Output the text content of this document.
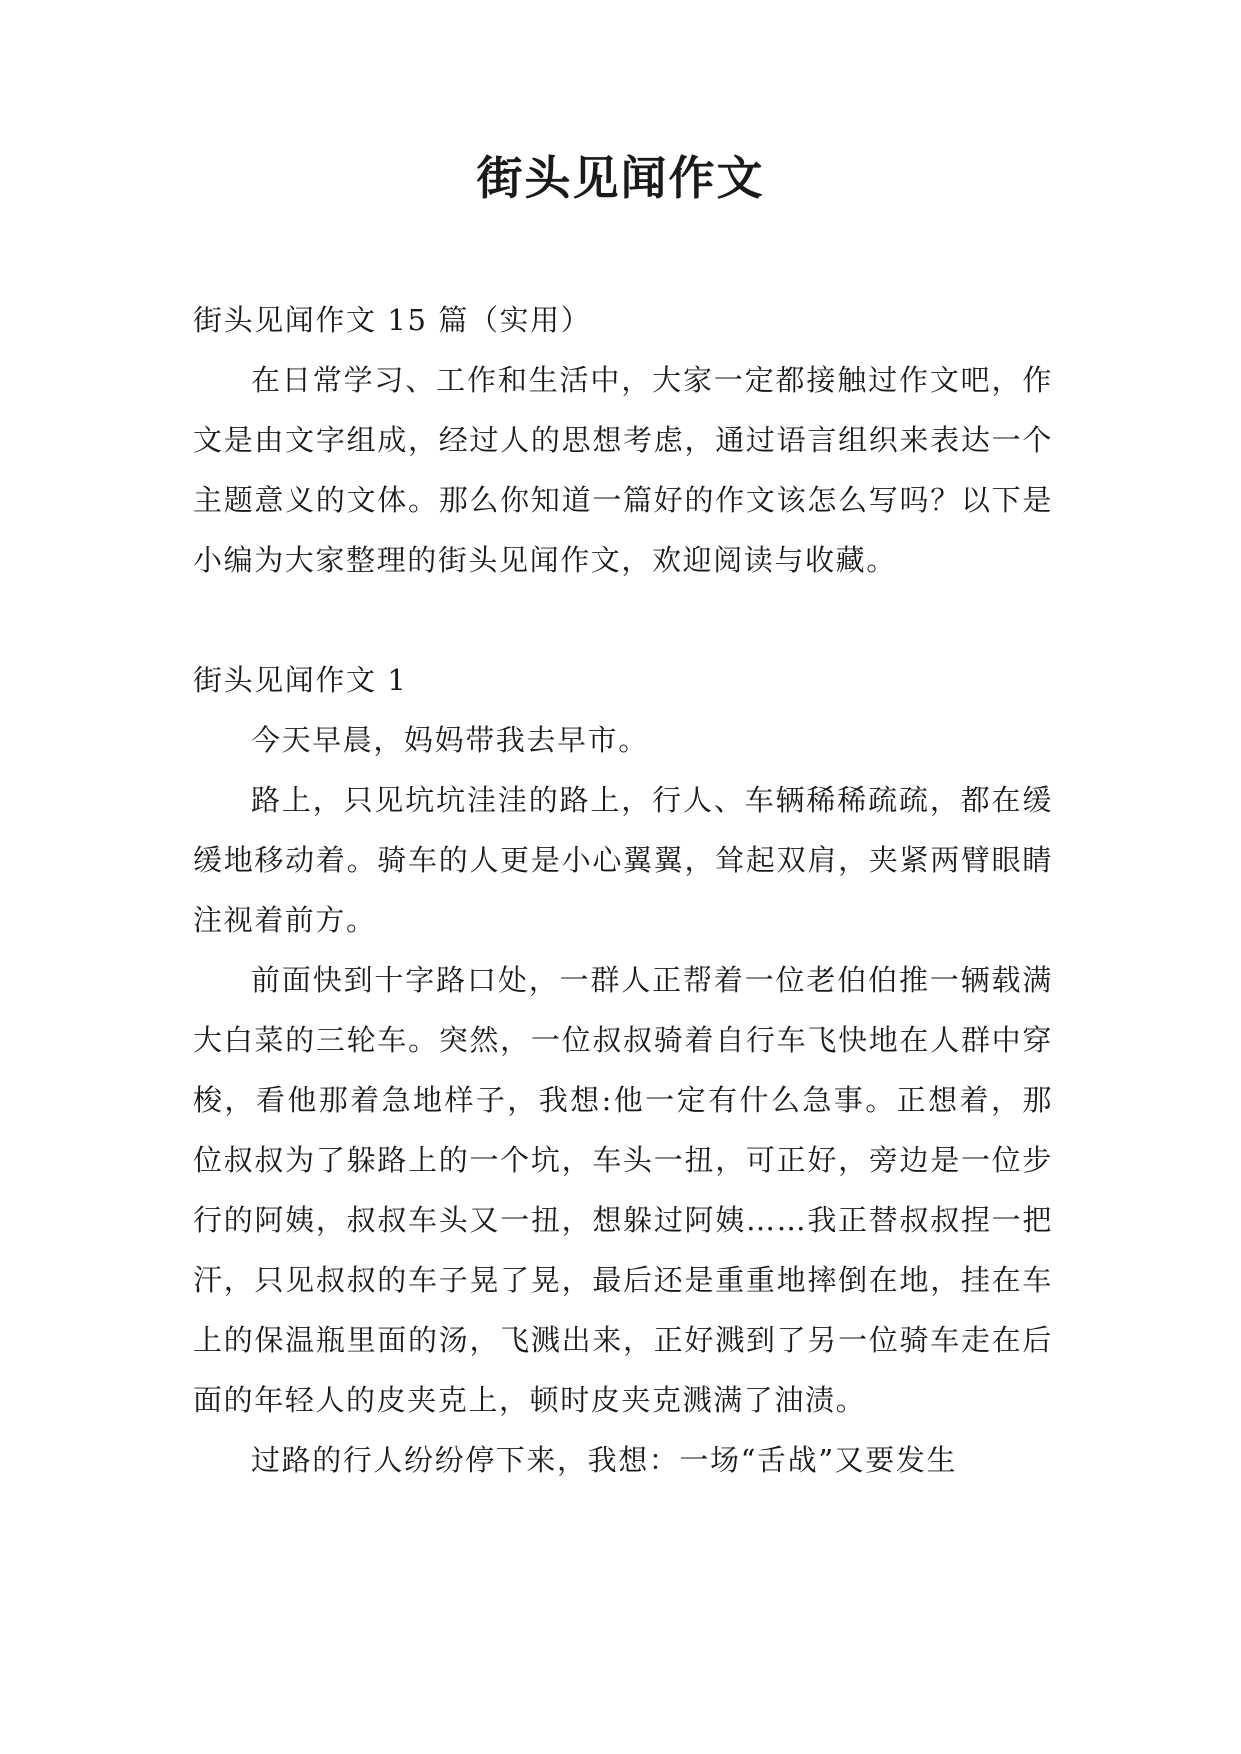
街头见闻作文

街头见闻作文 15 篇（实用）

在日常学习、工作和生活中，大家一定都接触过作文吧，作文是由文字组成，经过人的思想考虑，通过语言组织来表达一个主题意义的文体。那么你知道一篇好的作文该怎么写吗？以下是小编为大家整理的街头见闻作文，欢迎阅读与收藏。

街头见闻作文 1

今天早晨，妈妈带我去早市。

路上，只见坑坑洼洼的路上，行人、车辆稀稀疏疏，都在缓缓地移动着。骑车的人更是小心翼翼，耸起双肩，夹紧两臂眼睛注视着前方。

前面快到十字路口处，一群人正帮着一位老伯伯推一辆载满大白菜的三轮车。突然，一位叔叔骑着自行车飞快地在人群中穿梭，看他那着急地样子，我想:他一定有什么急事。正想着，那位叔叔为了躲路上的一个坑，车头一扭，可正好，旁边是一位步行的阿姨，叔叔车头又一扭，想躲过阿姨……我正替叔叔捏一把汗，只见叔叔的车子晃了晃，最后还是重重地摔倒在地，挂在车上的保温瓶里面的汤，飞溅出来，正好溅到了另一位骑车走在后面的年轻人的皮夹克上，顿时皮夹克溅满了油渍。

过路的行人纷纷停下来，我想：一场“舌战”又要发生
